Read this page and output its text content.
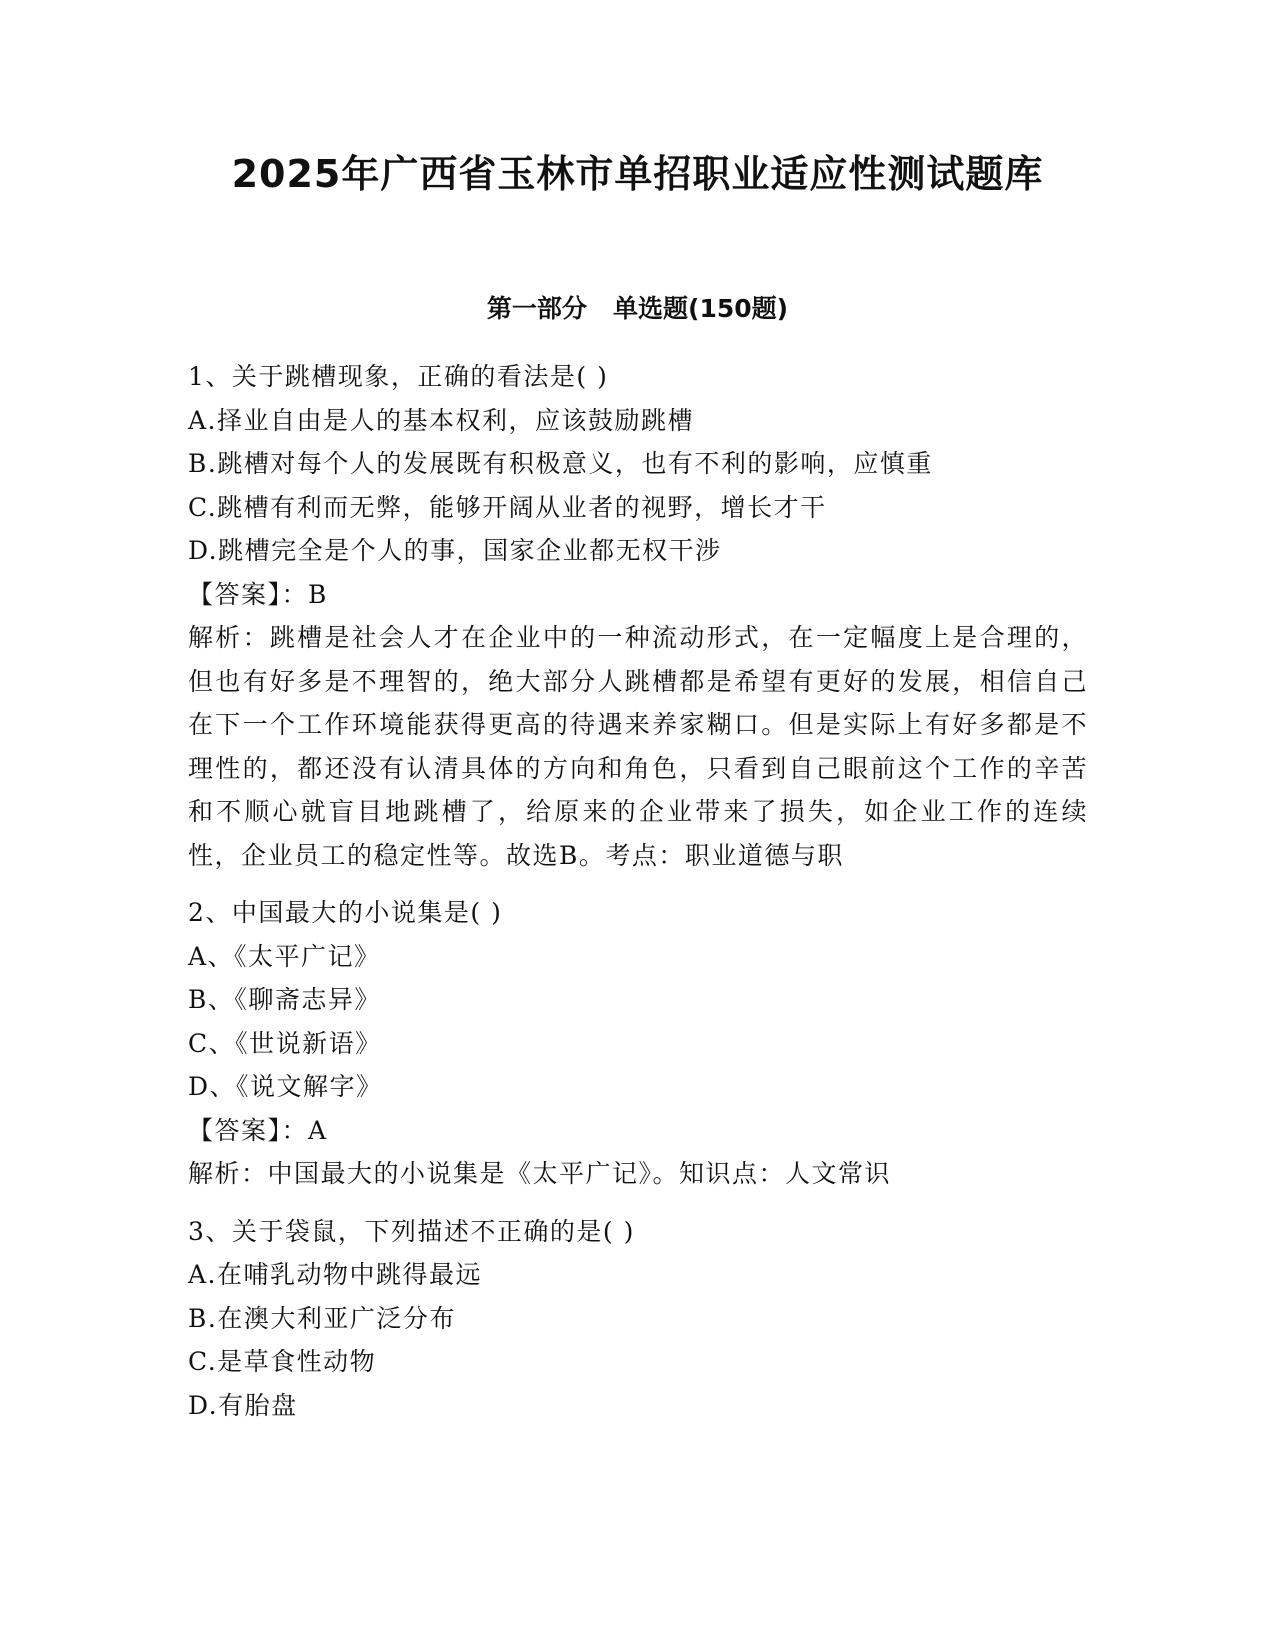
2025年广西省玉林市单招职业适应性测试题库
第一部分   单选题(150题)
1、关于跳槽现象，正确的看法是( )
A.择业自由是人的基本权利，应该鼓励跳槽
B.跳槽对每个人的发展既有积极意义，也有不利的影响，应慎重
C.跳槽有利而无弊，能够开阔从业者的视野，增长才干
D.跳槽完全是个人的事，国家企业都无权干涉
【答案】：B
解析：跳槽是社会人才在企业中的一种流动形式，在一定幅度上是合理的，但也有好多是不理智的，绝大部分人跳槽都是希望有更好的发展，相信自己在下一个工作环境能获得更高的待遇来养家糊口。但是实际上有好多都是不理性的，都还没有认清具体的方向和角色，只看到自己眼前这个工作的辛苦和不顺心就盲目地跳槽了，给原来的企业带来了损失，如企业工作的连续性，企业员工的稳定性等。故选B。考点：职业道德与职
2、中国最大的小说集是( )
A、《太平广记》
B、《聊斋志异》
C、《世说新语》
D、《说文解字》
【答案】：A
解析：中国最大的小说集是《太平广记》。知识点：人文常识
3、关于袋鼠，下列描述不正确的是( )
A.在哺乳动物中跳得最远
B.在澳大利亚广泛分布
C.是草食性动物
D.有胎盘
